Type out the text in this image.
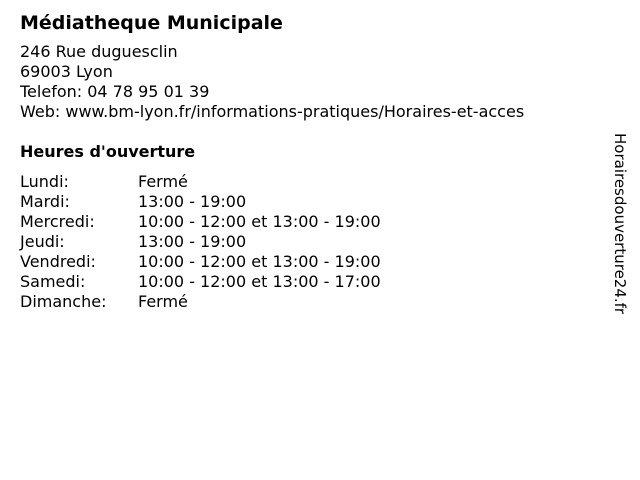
Médiatheque Municipale
246 Rue duguesclin
69003 Lyon
Telefon: 04 78 95 01 39
Web: www.bm-lyon.fr/informations-pratiques/Horaires-et-acces
Heures d'ouverture
Lundi:	Fermé
Mardi:	13:00 - 19:00
Mercredi:	10:00 - 12:00 et 13:00 - 19:00
Jeudi:	13:00 - 19:00
Vendredi:	10:00 - 12:00 et 13:00 - 19:00
Samedi:	10:00 - 12:00 et 13:00 - 17:00
Dimanche:	Fermé	Horairesdouverture24.fr
